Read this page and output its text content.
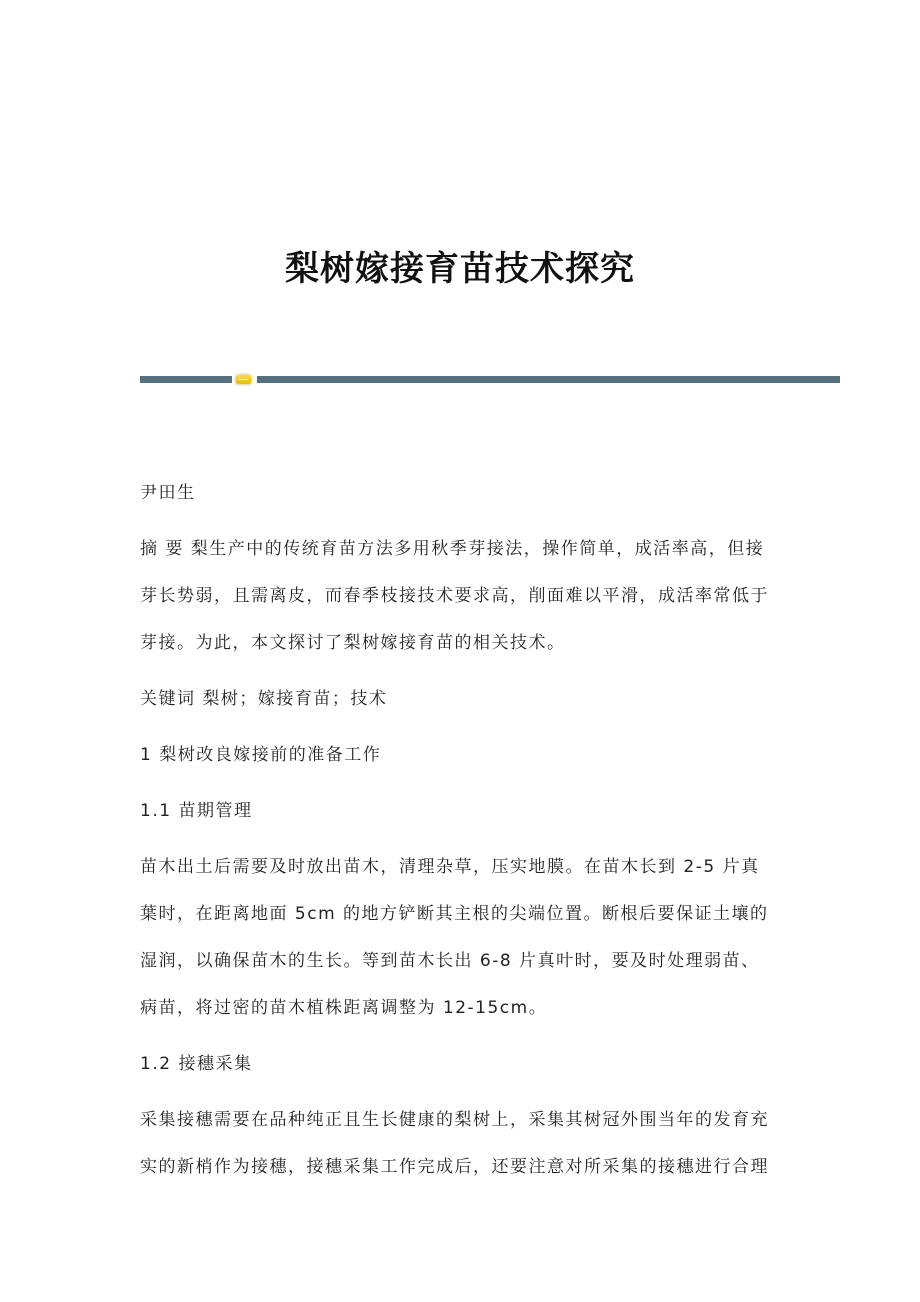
梨树嫁接育苗技术探究

尹田生

摘 要 梨生产中的传统育苗方法多用秋季芽接法，操作简单，成活率高，但接芽长势弱，且需离皮，而春季枝接技术要求高，削面难以平滑，成活率常低于芽接。为此，本文探讨了梨树嫁接育苗的相关技术。

关键词 梨树；嫁接育苗；技术

1 梨树改良嫁接前的准备工作

1.1 苗期管理

苗木出土后需要及时放出苗木，清理杂草，压实地膜。在苗木长到 2-5 片真葉时，在距离地面 5cm 的地方铲断其主根的尖端位置。断根后要保证土壤的湿润，以确保苗木的生长。等到苗木长出 6-8 片真叶时，要及时处理弱苗、病苗，将过密的苗木植株距离调整为 12-15cm。

1.2 接穗采集

采集接穗需要在品种纯正且生长健康的梨树上，采集其树冠外围当年的发育充实的新梢作为接穗，接穗采集工作完成后，还要注意对所采集的接穗进行合理
